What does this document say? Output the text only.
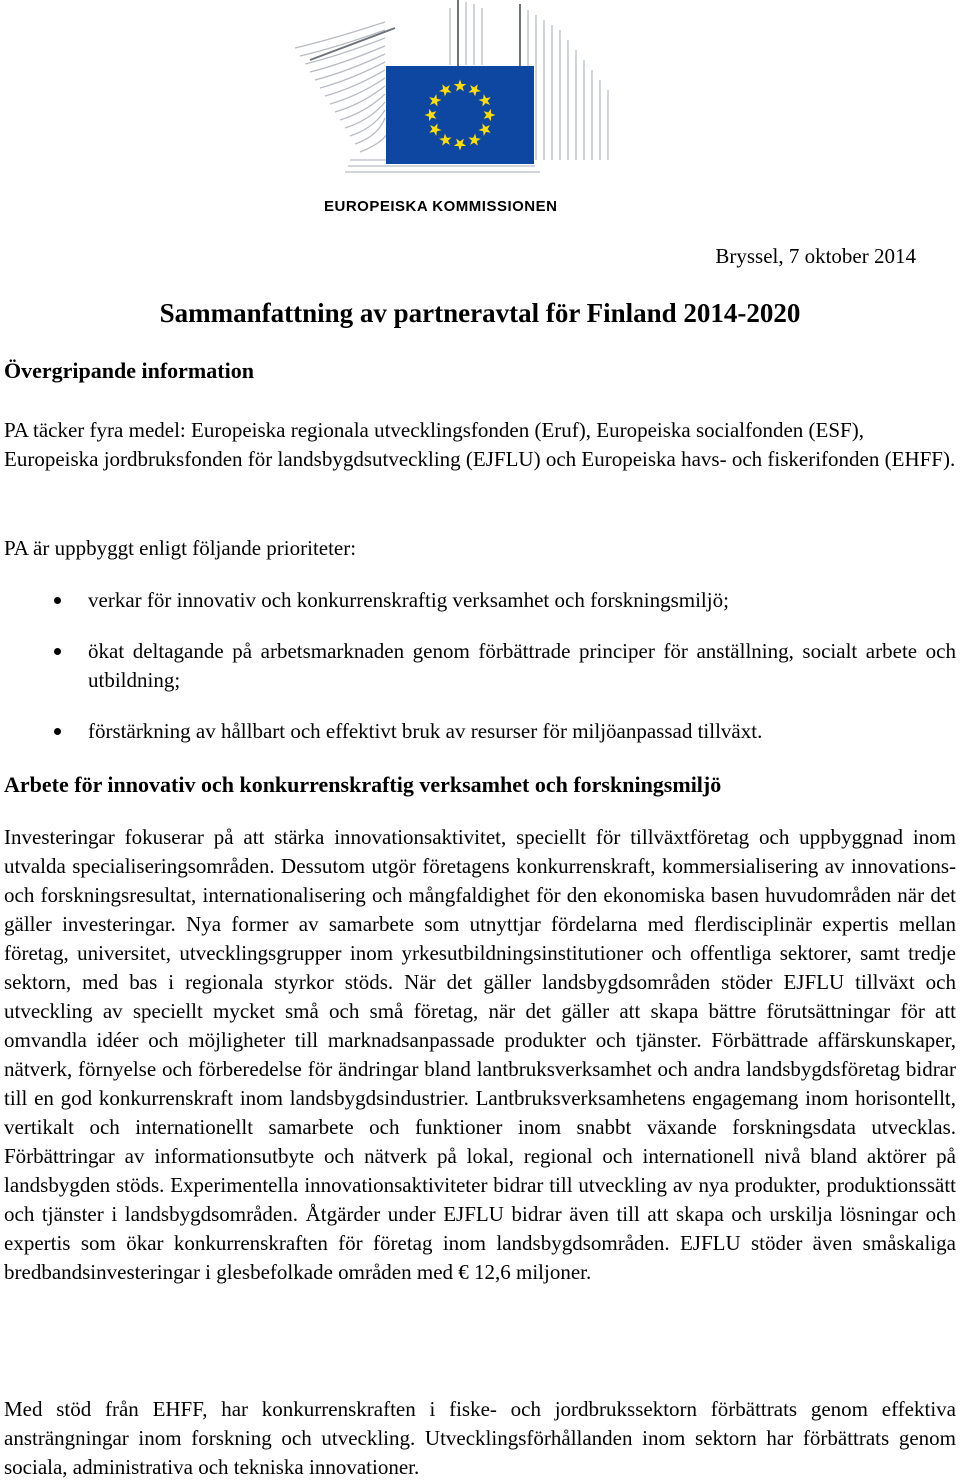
EUROPEISKA KOMMISSIONEN
Bryssel, 7 oktober 2014
Sammanfattning av partneravtal för Finland 2014-2020
Övergripande information
PA täcker fyra medel: Europeiska regionala utvecklingsfonden (Eruf), Europeiska socialfonden (ESF), Europeiska jordbruksfonden för landsbygdsutveckling (EJFLU) och Europeiska havs- och fiskerifonden (EHFF).
PA är uppbyggt enligt följande prioriteter:
verkar för innovativ och konkurrenskraftig verksamhet och forskningsmiljö;
ökat deltagande på arbetsmarknaden genom förbättrade principer för anställning, socialt arbete och utbildning;
förstärkning av hållbart och effektivt bruk av resurser för miljöanpassad tillväxt.
Arbete för innovativ och konkurrenskraftig verksamhet och forskningsmiljö
Investeringar fokuserar på att stärka innovationsaktivitet, speciellt för tillväxtföretag och uppbyggnad inom utvalda specialiseringsområden. Dessutom utgör företagens konkurrenskraft, kommersialisering av innovations- och forskningsresultat, internationalisering och mångfaldighet för den ekonomiska basen huvudområden när det gäller investeringar. Nya former av samarbete som utnyttjar fördelarna med flerdisciplinär expertis mellan företag, universitet, utvecklingsgrupper inom yrkesutbildningsinstitutioner och offentliga sektorer, samt tredje sektorn, med bas i regionala styrkor stöds. När det gäller landsbygdsområden stöder EJFLU tillväxt och utveckling av speciellt mycket små och små företag, när det gäller att skapa bättre förutsättningar för att omvandla idéer och möjligheter till marknadsanpassade produkter och tjänster. Förbättrade affärskunskaper, nätverk, förnyelse och förberedelse för ändringar bland lantbruksverksamhet och andra landsbygdsföretag bidrar till en god konkurrenskraft inom landsbygdsindustrier. Lantbruksverksamhetens engagemang inom horisontellt, vertikalt och internationellt samarbete och funktioner inom snabbt växande forskningsdata utvecklas. Förbättringar av informationsutbyte och nätverk på lokal, regional och internationell nivå bland aktörer på landsbygden stöds. Experimentella innovationsaktiviteter bidrar till utveckling av nya produkter, produktionssätt och tjänster i landsbygdsområden. Åtgärder under EJFLU bidrar även till att skapa och urskilja lösningar och expertis som ökar konkurrenskraften för företag inom landsbygdsområden. EJFLU stöder även småskaliga bredbandsinvesteringar i glesbefolkade områden med € 12,6 miljoner.
Med stöd från EHFF, har konkurrenskraften i fiske- och jordbrukssektorn förbättrats genom effektiva ansträngningar inom forskning och utveckling. Utvecklingsförhållanden inom sektorn har förbättrats genom sociala, administrativa och tekniska innovationer.
